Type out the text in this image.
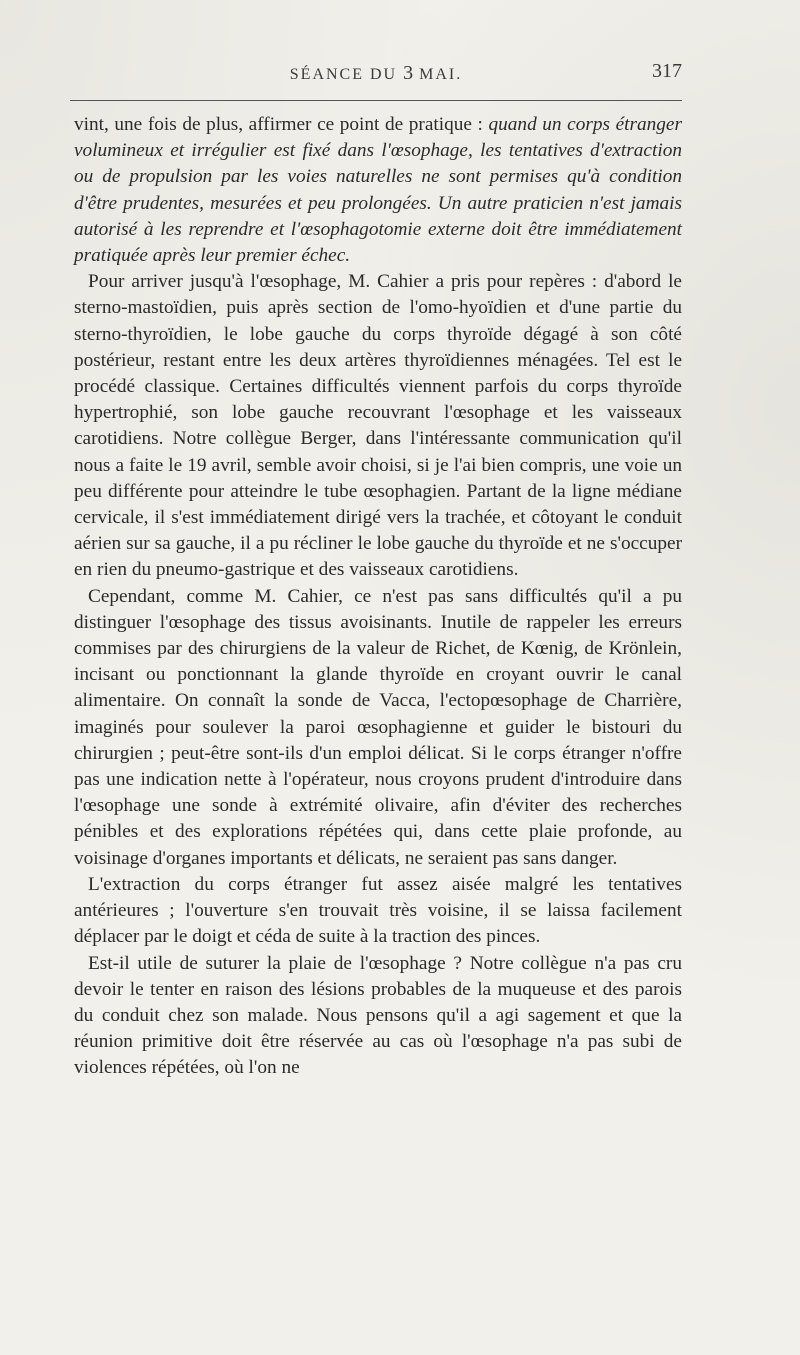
SÉANCE DU 3 MAI.	317

vint, une fois de plus, affirmer ce point de pratique : quand un corps étranger volumineux et irrégulier est fixé dans l'œsophage, les tentatives d'extraction ou de propulsion par les voies naturelles ne sont permises qu'à condition d'être prudentes, mesurées et peu prolongées. Un autre praticien n'est jamais autorisé à les reprendre et l'œsophagotomie externe doit être immédiatement pratiquée après leur premier échec.

Pour arriver jusqu'à l'œsophage, M. Cahier a pris pour repères : d'abord le sterno-mastoïdien, puis après section de l'omo-hyoïdien et d'une partie du sterno-thyroïdien, le lobe gauche du corps thyroïde dégagé à son côté postérieur, restant entre les deux artères thyroïdiennes ménagées. Tel est le procédé classique. Certaines difficultés viennent parfois du corps thyroïde hypertrophié, son lobe gauche recouvrant l'œsophage et les vaisseaux carotidiens. Notre collègue Berger, dans l'intéressante communication qu'il nous a faite le 19 avril, semble avoir choisi, si je l'ai bien compris, une voie un peu différente pour atteindre le tube œsophagien. Partant de la ligne médiane cervicale, il s'est immédiatement dirigé vers la trachée, et côtoyant le conduit aérien sur sa gauche, il a pu récliner le lobe gauche du thyroïde et ne s'occuper en rien du pneumo-gastrique et des vaisseaux carotidiens.

Cependant, comme M. Cahier, ce n'est pas sans difficultés qu'il a pu distinguer l'œsophage des tissus avoisinants. Inutile de rappeler les erreurs commises par des chirurgiens de la valeur de Richet, de Kœnig, de Krönlein, incisant ou ponctionnant la glande thyroïde en croyant ouvrir le canal alimentaire. On connaît la sonde de Vacca, l'ectopœsophage de Charrière, imaginés pour soulever la paroi œsophagienne et guider le bistouri du chirurgien ; peut-être sont-ils d'un emploi délicat. Si le corps étranger n'offre pas une indication nette à l'opérateur, nous croyons prudent d'introduire dans l'œsophage une sonde à extrémité olivaire, afin d'éviter des recherches pénibles et des explorations répétées qui, dans cette plaie profonde, au voisinage d'organes importants et délicats, ne seraient pas sans danger.

L'extraction du corps étranger fut assez aisée malgré les tentatives antérieures ; l'ouverture s'en trouvait très voisine, il se laissa facilement déplacer par le doigt et céda de suite à la traction des pinces.

Est-il utile de suturer la plaie de l'œsophage ? Notre collègue n'a pas cru devoir le tenter en raison des lésions probables de la muqueuse et des parois du conduit chez son malade. Nous pensons qu'il a agi sagement et que la réunion primitive doit être réservée au cas où l'œsophage n'a pas subi de violences répétées, où l'on ne
